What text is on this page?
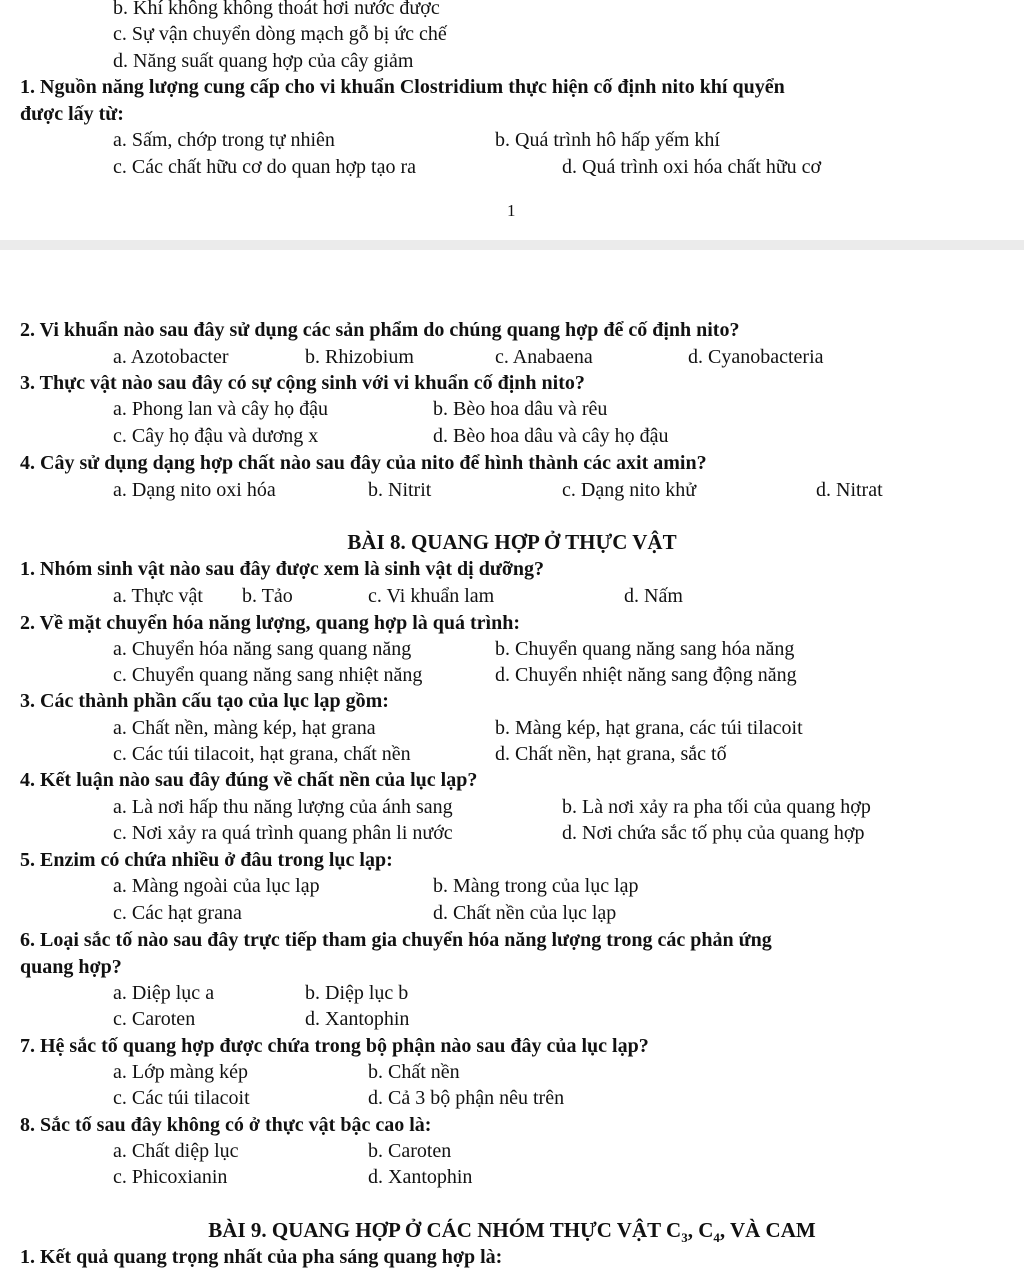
b. Khí không không thoát hơi nước được
c. Sự vận chuyển dòng mạch gỗ bị ức chế
d. Năng suất quang hợp của cây giảm
1. Nguồn năng lượng cung cấp cho vi khuẩn Clostridium thực hiện cố định nito khí quyển
được lấy từ:
a. Sấm, chớp trong tự nhiên	b. Quá trình hô hấp yếm khí
c. Các chất hữu cơ do quan hợp tạo ra	d. Quá trình oxi hóa chất hữu cơ
1
2. Vi khuẩn nào sau đây sử dụng các sản phẩm do chúng quang hợp để cố định nito?
a. Azotobacter	b. Rhizobium	c. Anabaena	d. Cyanobacteria
3. Thực vật nào sau đây có sự cộng sinh với vi khuẩn cố định nito?
a. Phong lan và cây họ đậu	b. Bèo hoa dâu và rêu
c. Cây họ đậu và dương x	d. Bèo hoa dâu và cây họ đậu
4. Cây sử dụng dạng hợp chất nào sau đây của nito để hình thành các axit amin?
a. Dạng nito oxi hóa	b. Nitrit	c. Dạng nito khử	d. Nitrat
BÀI 8. QUANG HỢP Ở THỰC VẬT
1. Nhóm sinh vật nào sau đây được xem là sinh vật dị dưỡng?
a. Thực vật b. Tảo	c. Vi khuẩn lam	d. Nấm
2. Về mặt chuyển hóa năng lượng, quang hợp là quá trình:
a. Chuyển hóa năng sang quang năng	b. Chuyển quang năng sang hóa năng
c. Chuyển quang năng sang nhiệt năng	d. Chuyển nhiệt năng sang động năng
3. Các thành phần cấu tạo của lục lạp gồm:
a. Chất nền, màng kép, hạt grana	b. Màng kép, hạt grana, các túi tilacoit
c. Các túi tilacoit, hạt grana, chất nền	d. Chất nền, hạt grana, sắc tố
4. Kết luận nào sau đây đúng về chất nền của lục lạp?
a. Là nơi hấp thu năng lượng của ánh sang	b. Là nơi xảy ra pha tối của quang hợp
c. Nơi xảy ra quá trình quang phân li nước	d. Nơi chứa sắc tố phụ của quang hợp
5. Enzim có chứa nhiều ở đâu trong lục lạp:
a. Màng ngoài của lục lạp	b. Màng trong của lục lạp
c. Các hạt grana	d. Chất nền của lục lạp
6. Loại sắc tố nào sau đây trực tiếp tham gia chuyển hóa năng lượng trong các phản ứng
quang hợp?
a. Diệp lục a	b. Diệp lục b
c. Caroten	d. Xantophin
7. Hệ sắc tố quang hợp được chứa trong bộ phận nào sau đây của lục lạp?
a. Lớp màng kép	b. Chất nền
c. Các túi tilacoit	d. Cả 3 bộ phận nêu trên
8. Sắc tố sau đây không có ở thực vật bậc cao là:
a. Chất diệp lục	b. Caroten
c. Phicoxianin	d. Xantophin
BÀI 9. QUANG HỢP Ở CÁC NHÓM THỰC VẬT $C_3$, $C_4$, VÀ CAM
1. Kết quả quang trọng nhất của pha sáng quang hợp là:
